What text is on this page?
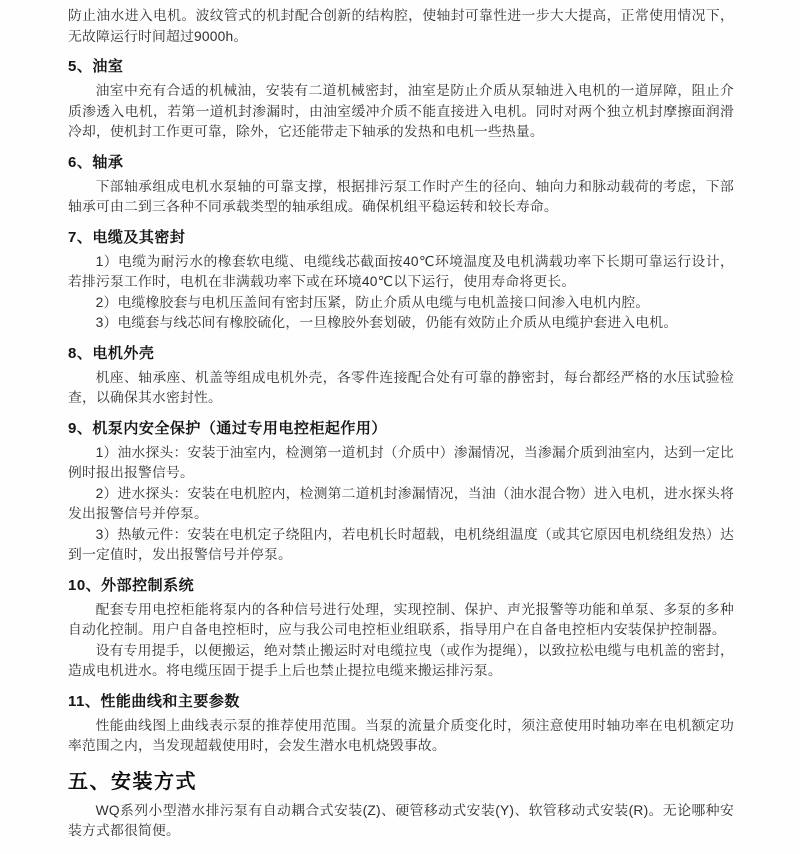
防止油水进入电机。波纹管式的机封配合创新的结构腔，使轴封可靠性进一步大大提高，正常使用情况下，无故障运行时间超过9000h。

5、油室

油室中充有合适的机械油，安装有二道机械密封，油室是防止介质从泵轴进入电机的一道屏障，阻止介质渗透入电机，若第一道机封渗漏时，由油室缓冲介质不能直接进入电机。同时对两个独立机封摩擦面润滑冷却，使机封工作更可靠，除外，它还能带走下轴承的发热和电机一些热量。

6、轴承

下部轴承组成电机水泵轴的可靠支撑，根据排污泵工作时产生的径向、轴向力和脉动载荷的考虑，下部轴承可由二到三各种不同承载类型的轴承组成。确保机组平稳运转和较长寿命。

7、电缆及其密封

1）电缆为耐污水的橡套软电缆、电缆线芯截面按40℃环境温度及电机满载功率下长期可靠运行设计，若排污泵工作时，电机在非满载功率下或在环境40℃以下运行，使用寿命将更长。

2）电缆橡胶套与电机压盖间有密封压紧，防止介质从电缆与电机盖接口间渗入电机内腔。

3）电缆套与线芯间有橡胶硫化，一旦橡胶外套划破，仍能有效防止介质从电缆护套进入电机。

8、电机外壳

机座、轴承座、机盖等组成电机外壳，各零件连接配合处有可靠的静密封，每台都经严格的水压试验检查，以确保其水密封性。

9、机泵内安全保护（通过专用电控柜起作用）

1）油水探头：安装于油室内，检测第一道机封（介质中）渗漏情况，当渗漏介质到油室内，达到一定比例时报出报警信号。

2）进水探头：安装在电机腔内，检测第二道机封渗漏情况，当油（油水混合物）进入电机，进水探头将发出报警信号并停泵。

3）热敏元件：安装在电机定子绕阻内，若电机长时超载，电机绕组温度（或其它原因电机绕组发热）达到一定值时，发出报警信号并停泵。

10、外部控制系统

配套专用电控柜能将泵内的各种信号进行处理，实现控制、保护、声光报警等功能和单泵、多泵的多种自动化控制。用户自备电控柜时，应与我公司电控柜业组联系，指导用户在自备电控柜内安装保护控制器。

设有专用提手，以便搬运，绝对禁止搬运时对电缆拉曳（或作为提绳），以致拉松电缆与电机盖的密封，造成电机进水。将电缆压固于提手上后也禁止提拉电缆来搬运排污泵。

11、性能曲线和主要参数

性能曲线图上曲线表示泵的推荐使用范围。当泵的流量介质变化时，须注意使用时轴功率在电机额定功率范围之内，当发现超载使用时，会发生潜水电机烧毁事故。

五、安装方式

WQ系列小型潜水排污泵有自动耦合式安装(Z)、硬管移动式安装(Y)、软管移动式安装(R)。无论哪种安装方式都很简便。
